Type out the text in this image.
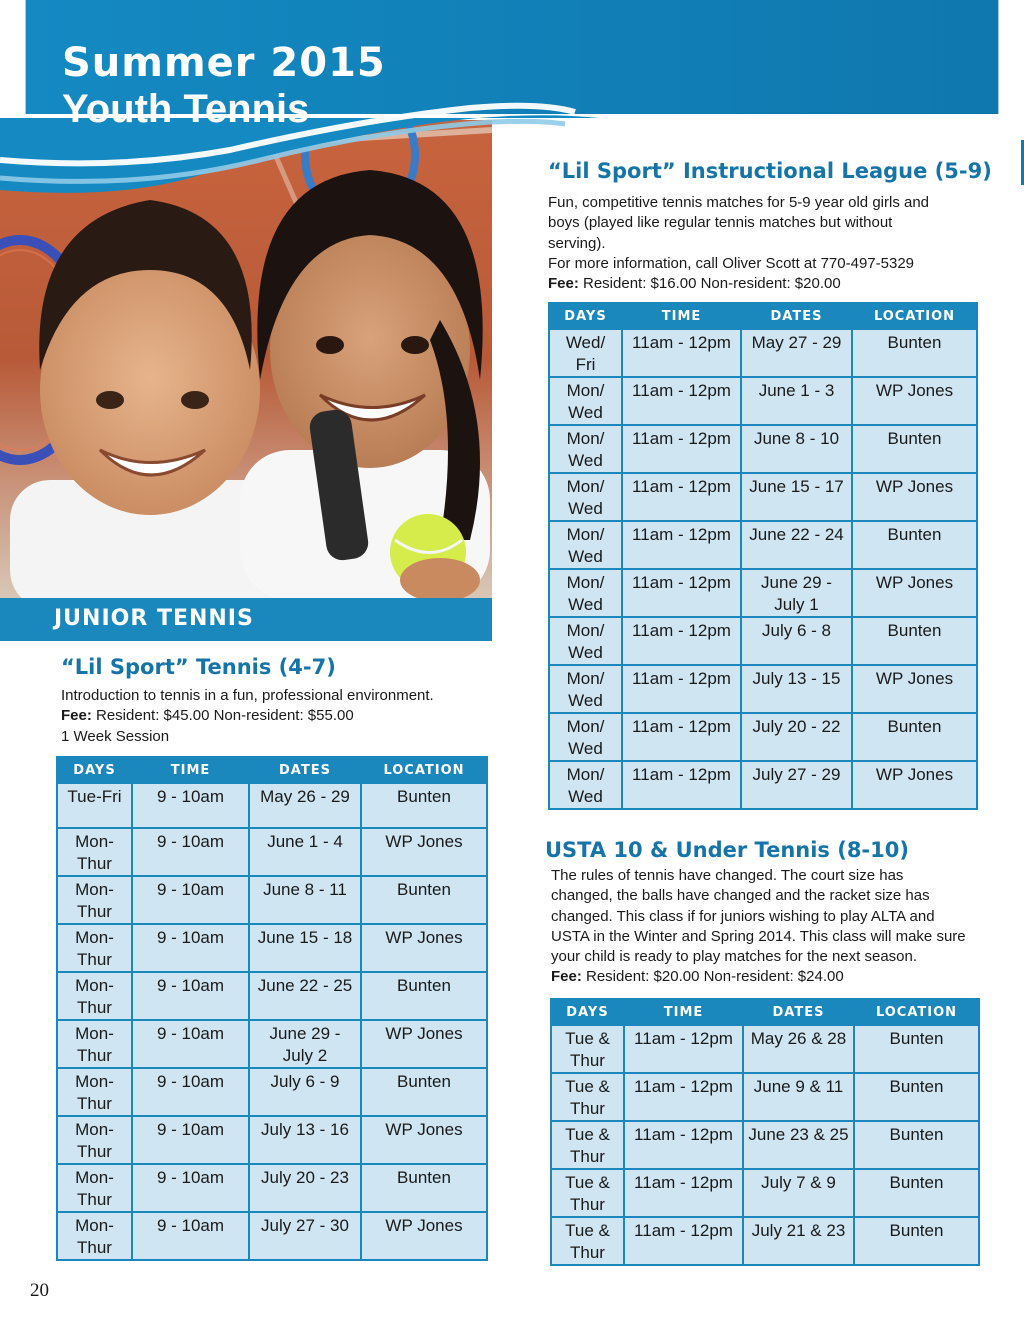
Summer 2015
Youth Tennis
JUNIOR TENNIS
“Lil Sport” Tennis (4-7)

Introduction to tennis in a fun, professional environment.

Fee: Resident: $45.00 Non-resident: $55.00

1 Week Session

DAYS	TIME	DATES	LOCATION
Tue-Fri	9 - 10am	May 26 - 29	Bunten
Mon-Thur	9 - 10am	June 1 - 4	WP Jones
Mon-Thur	9 - 10am	June 8 - 11	Bunten
Mon-Thur	9 - 10am	June 15 - 18	WP Jones
Mon-Thur	9 - 10am	June 22 - 25	Bunten
Mon-Thur	9 - 10am	June 29 - July 2	WP Jones
Mon-Thur	9 - 10am	July 6 - 9	Bunten
Mon-Thur	9 - 10am	July 13 - 16	WP Jones
Mon-Thur	9 - 10am	July 20 - 23	Bunten
Mon-Thur	9 - 10am	July 27 - 30	WP Jones
“Lil Sport” Instructional League (5-9)

Fun, competitive tennis matches for 5-9 year old girls and boys (played like regular tennis matches but without serving).

For more information, call Oliver Scott at 770-497-5329

Fee: Resident: $16.00 Non-resident: $20.00

DAYS	TIME	DATES	LOCATION
Wed/ Fri	11am - 12pm	May 27 - 29	Bunten
Mon/ Wed	11am - 12pm	June 1 - 3	WP Jones
Mon/ Wed	11am - 12pm	June 8 - 10	Bunten
Mon/ Wed	11am - 12pm	June 15 - 17	WP Jones
Mon/ Wed	11am - 12pm	June 22 - 24	Bunten
Mon/ Wed	11am - 12pm	June 29 - July 1	WP Jones
Mon/ Wed	11am - 12pm	July 6 - 8	Bunten
Mon/ Wed	11am - 12pm	July 13 - 15	WP Jones
Mon/ Wed	11am - 12pm	July 20 - 22	Bunten
Mon/ Wed	11am - 12pm	July 27 - 29	WP Jones
USTA 10 & Under Tennis (8-10)

The rules of tennis have changed. The court size has changed, the balls have changed and the racket size has changed. This class if for juniors wishing to play ALTA and USTA in the Winter and Spring 2014. This class will make sure your child is ready to play matches for the next season.

Fee: Resident: $20.00 Non-resident: $24.00

DAYS	TIME	DATES	LOCATION
Tue & Thur	11am - 12pm	May 26 & 28	Bunten
Tue & Thur	11am - 12pm	June 9 & 11	Bunten
Tue & Thur	11am - 12pm	June 23 & 25	Bunten
Tue & Thur	11am - 12pm	July 7 & 9	Bunten
Tue & Thur	11am - 12pm	July 21 & 23	Bunten
20
